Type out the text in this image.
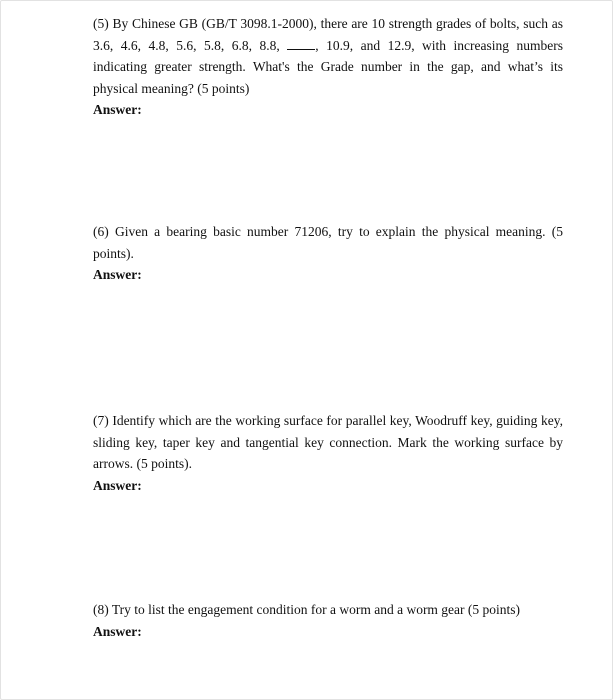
(5) By Chinese GB (GB/T 3098.1-2000), there are 10 strength grades of bolts, such as 3.6, 4.6, 4.8, 5.6, 5.8, 6.8, 8.8,	, 10.9, and 12.9, with increasing numbers indicating greater strength. What's the Grade number in the gap, and what’s its physical meaning? (5 points)

Answer:

(6) Given a bearing basic number 71206, try to explain the physical meaning. (5 points).

Answer:

(7) Identify which are the working surface for parallel key, Woodruff key, guiding key, sliding key, taper key and tangential key connection. Mark the working surface by arrows. (5 points).

Answer:

(8) Try to list the engagement condition for a worm and a worm gear (5 points)

Answer:
